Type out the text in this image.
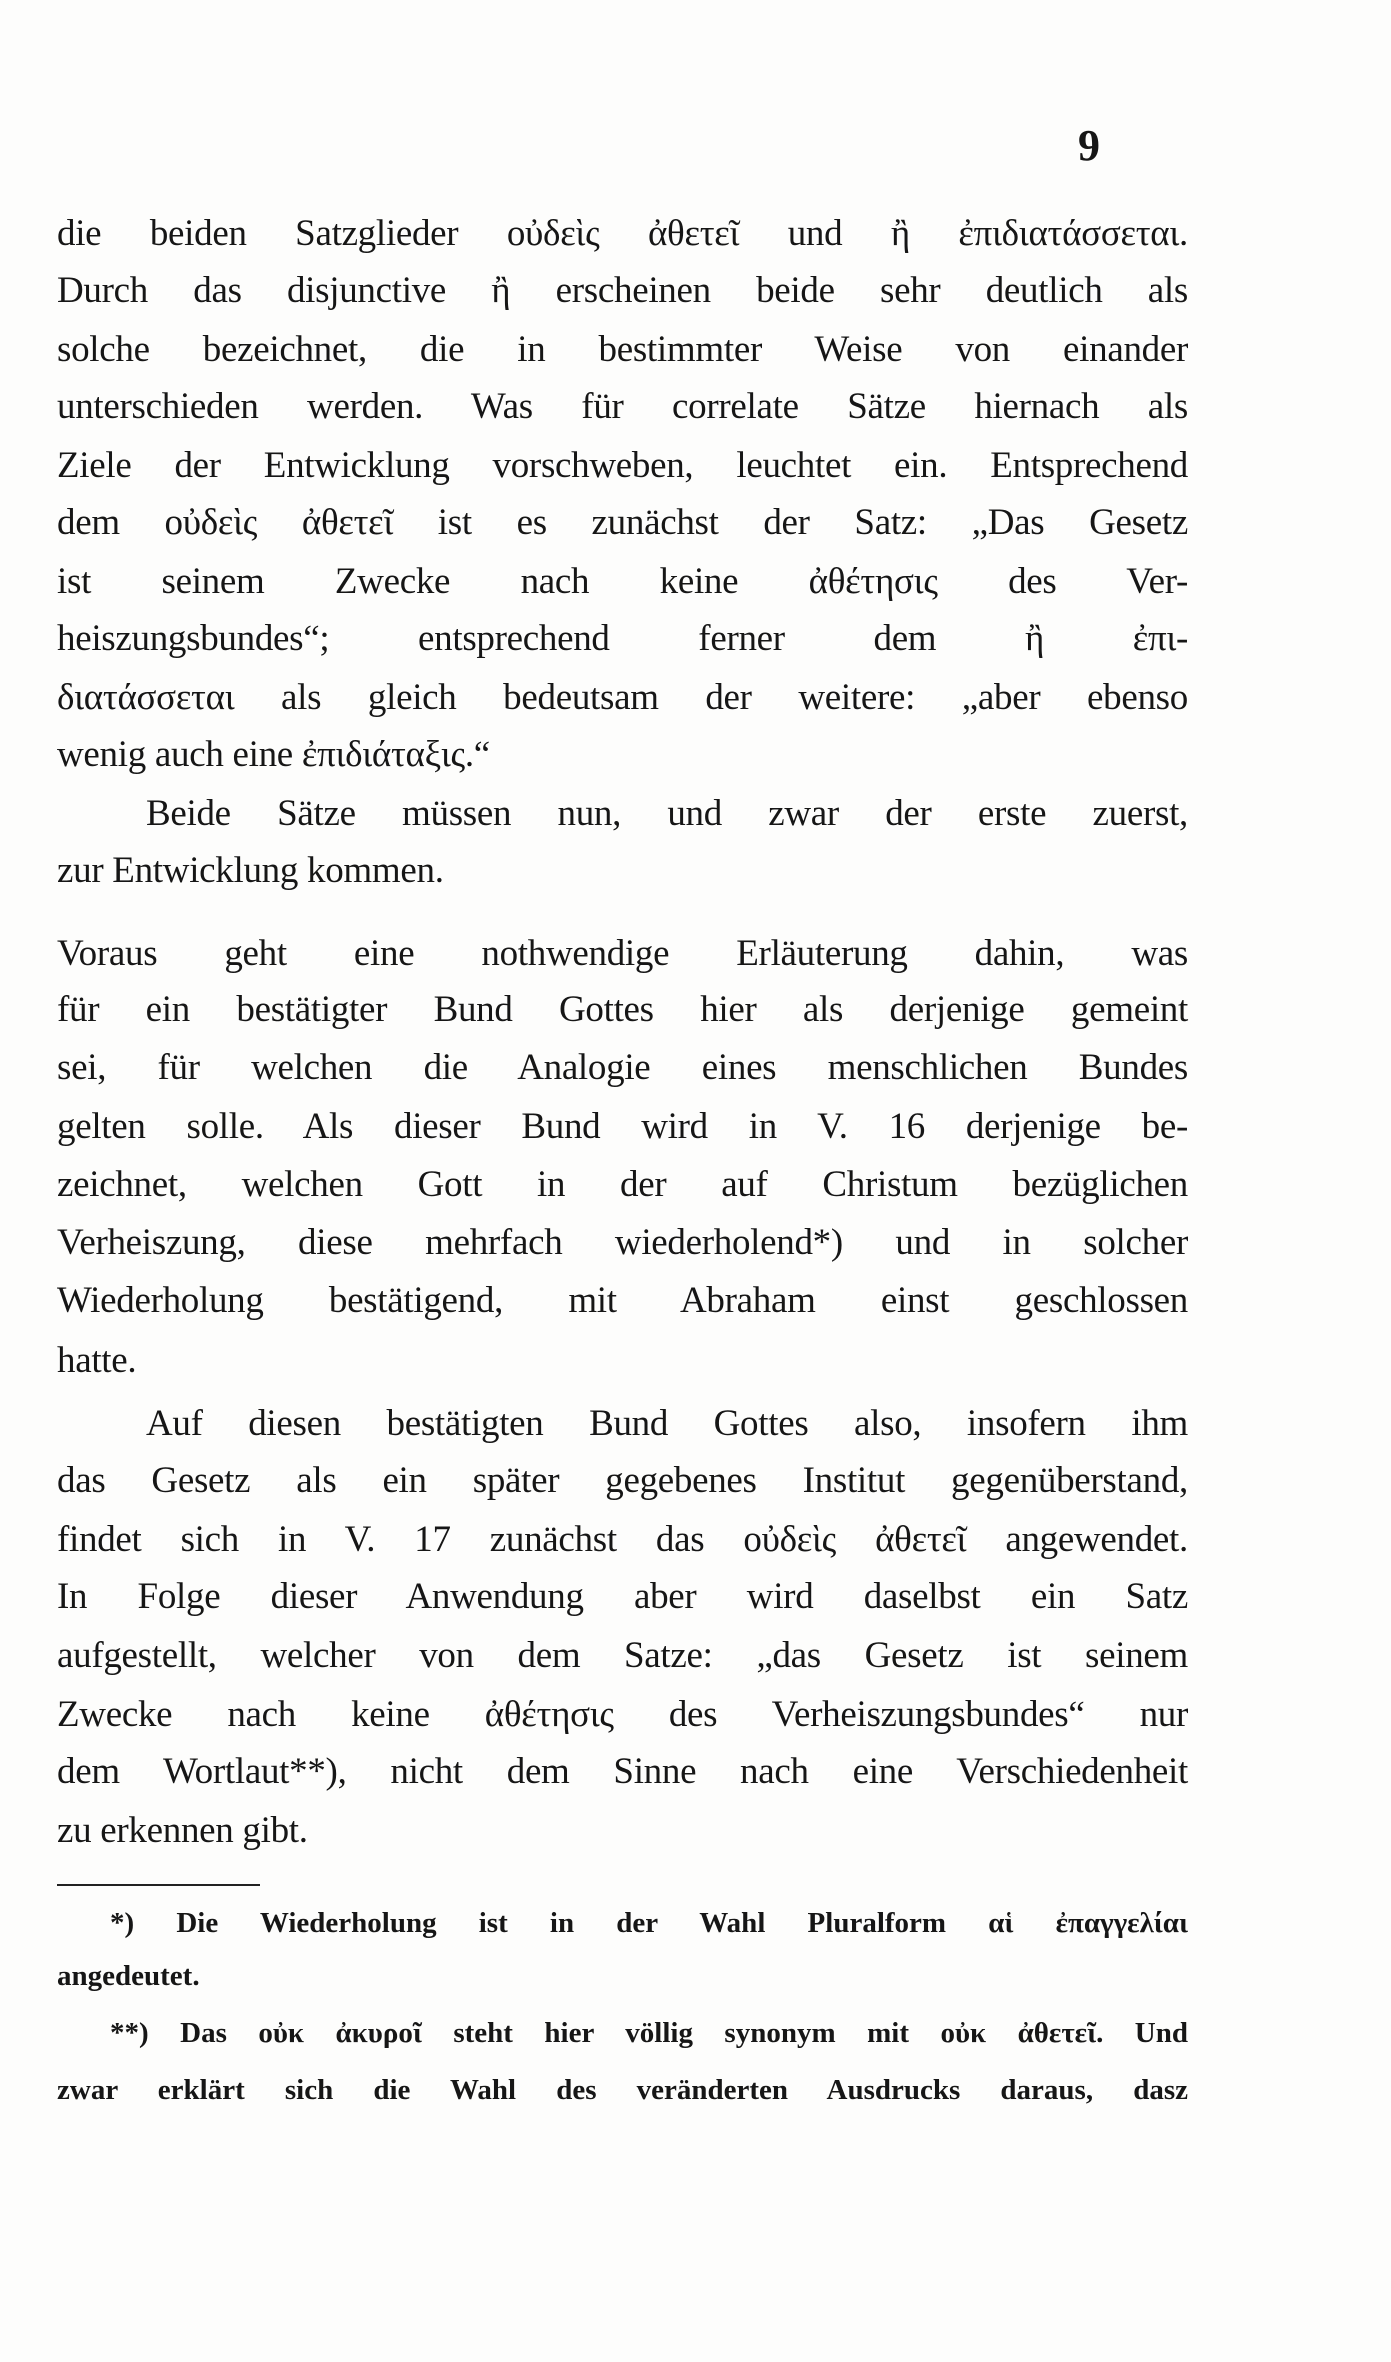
9
die beiden Satzglieder οὐδεὶς ἀθετεῖ und ἢ ἐπιδιατάσσεται.
Durch das disjunctive ἢ erscheinen beide sehr deutlich als
solche bezeichnet, die in bestimmter Weise von einander
unterschieden werden. Was für correlate Sätze hiernach als
Ziele der Entwicklung vorschweben, leuchtet ein. Entsprechend
dem οὐδεὶς ἀθετεῖ ist es zunächst der Satz: „Das Gesetz
ist seinem Zwecke nach keine ἀθέτησις des Ver-
heiszungsbundes“; entsprechend ferner dem ἢ ἐπι-
διατάσσεται als gleich bedeutsam der weitere: „aber ebenso
wenig auch eine ἐπιδιάταξις.“
Beide Sätze müssen nun, und zwar der erste zuerst,
zur Entwicklung kommen.
Voraus geht eine nothwendige Erläuterung dahin, was
für ein bestätigter Bund Gottes hier als derjenige gemeint
sei, für welchen die Analogie eines menschlichen Bundes
gelten solle. Als dieser Bund wird in V. 16 derjenige be-
zeichnet, welchen Gott in der auf Christum bezüglichen
Verheiszung, diese mehrfach wiederholend*) und in solcher
Wiederholung bestätigend, mit Abraham einst geschlossen
hatte.
Auf diesen bestätigten Bund Gottes also, insofern ihm
das Gesetz als ein später gegebenes Institut gegenüberstand,
findet sich in V. 17 zunächst das οὐδεὶς ἀθετεῖ angewendet.
In Folge dieser Anwendung aber wird daselbst ein Satz
aufgestellt, welcher von dem Satze: „das Gesetz ist seinem
Zwecke nach keine ἀθέτησις des Verheiszungsbundes“ nur
dem Wortlaut**), nicht dem Sinne nach eine Verschiedenheit
zu erkennen gibt.
*) Die Wiederholung ist in der Wahl Pluralform αἱ ἐπαγγελίαι
angedeutet.
**) Das οὐκ ἀκυροῖ steht hier völlig synonym mit οὐκ ἀθετεῖ. Und
zwar erklärt sich die Wahl des veränderten Ausdrucks daraus, dasz
